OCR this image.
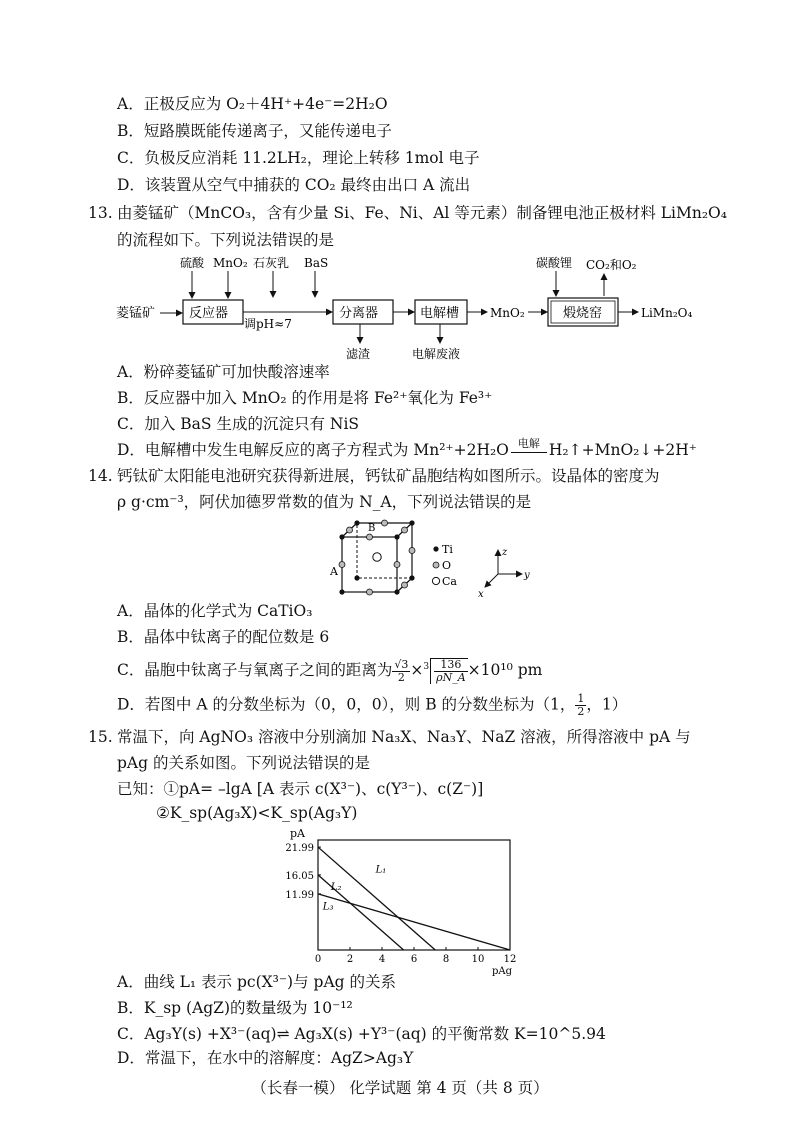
A．正极反应为 O₂＋4H⁺+4e⁻=2H₂O
B．短路膜既能传递离子，又能传递电子
C．负极反应消耗 11.2LH₂，理论上转移 1mol 电子
D．该装置从空气中捕获的 CO₂ 最终由出口 A 流出
13. 由菱锰矿（MnCO₃，含有少量 Si、Fe、Ni、Al 等元素）制备锂电池正极材料 LiMn₂O₄
的流程如下。下列说法错误的是
菱锰矿	反应器
硫酸 MnO₂ 石灰乳 BaS
调pH≈7
分离器
滤渣
电解槽
电解废液
MnO₂	煅烧窑
碳酸锂 CO₂和O₂
LiMn₂O₄
A．粉碎菱锰矿可加快酸溶速率
B．反应器中加入 MnO₂ 的作用是将 Fe²⁺氧化为 Fe³⁺
C．加入 BaS 生成的沉淀只有 NiS
D．电解槽中发生电解反应的离子方程式为 Mn²⁺+2H₂O 电解 H₂↑+MnO₂↓+2H⁺
14. 钙钛矿太阳能电池研究获得新进展，钙钛矿晶胞结构如图所示。设晶体的密度为
ρ g·cm⁻³，阿伏加德罗常数的值为 N_A，下列说法错误的是
A
B
Ti
O
Ca
z
y
x
A．晶体的化学式为 CaTiO₃
B．晶体中钛离子的配位数是 6
C．晶胞中钛离子与氧离子之间的距离为 $\frac{√3}{2} \times^3 \frac{136}{\rho N\_A} \times 10^{10}$ pm
D．若图中 A 的分数坐标为（0，0，0），则 B 的分数坐标为（1， $\frac{1}{2}$ ，1）
15. 常温下，向 AgNO₃ 溶液中分别滴加 Na₃X、Na₃Y、NaZ 溶液，所得溶液中 pA 与
pAg 的关系如图。下列说法错误的是
已知：①pA= –lgA [A 表示 c(X³⁻)、c(Y³⁻)、c(Z⁻)]
②K_sp(Ag₃X)<K_sp(Ag₃Y)
pA
pAg
0	2	4	6	8 10 12
11.99
16.05
21.99
L₁
L₂
L₃
A．曲线 L₁ 表示 pc(X³⁻)与 pAg 的关系
B．K_sp (AgZ)的数量级为 10⁻¹²
C．Ag₃Y(s) +X³⁻(aq)⇌ Ag₃X(s) +Y³⁻(aq) 的平衡常数 K=10^5.94
D．常温下，在水中的溶解度：AgZ>Ag₃Y
（长春一模） 化学试题 第 4 页（共 8 页）
